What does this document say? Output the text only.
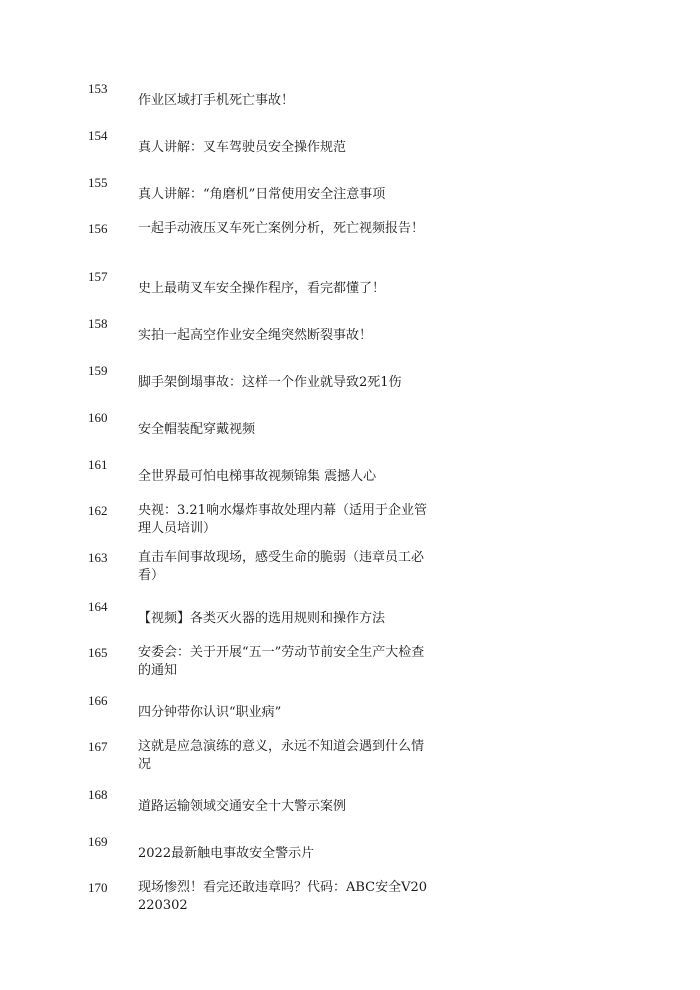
153
作业区域打手机死亡事故！
154
真人讲解：叉车驾驶员安全操作规范
155
真人讲解：“角磨机”日常使用安全注意事项
156 一起手动液压叉车死亡案例分析，死亡视频报告！
157
史上最萌叉车安全操作程序，看完都懂了！
158
实拍一起高空作业安全绳突然断裂事故！
159
脚手架倒塌事故：这样一个作业就导致2死1伤
160
安全帽装配穿戴视频
161
全世界最可怕电梯事故视频锦集 震撼人心
162 央视：3.21响水爆炸事故处理内幕（适用于企业管理人员培训）
163 直击车间事故现场，感受生命的脆弱（违章员工必看）
164
【视频】各类灭火器的选用规则和操作方法
165 安委会：关于开展“五一”劳动节前安全生产大检查的通知
166
四分钟带你认识“职业病”
167 这就是应急演练的意义，永远不知道会遇到什么情况
168
道路运输领域交通安全十大警示案例
169
2022最新触电事故安全警示片
170 现场惨烈！看完还敢违章吗？代码：ABC安全V20220302
